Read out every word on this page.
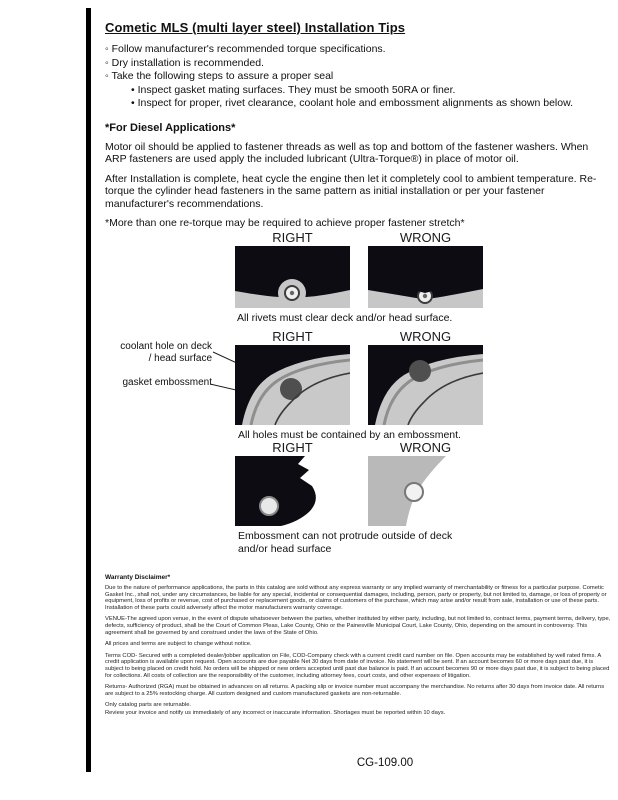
Cometic MLS (multi layer steel) Installation Tips
◦ Follow manufacturer's recommended torque specifications.
◦ Dry installation is recommended.
◦ Take the following steps to assure a proper seal
• Inspect gasket mating surfaces. They must be smooth 50RA or finer.
• Inspect for proper, rivet clearance, coolant hole and embossment alignments as shown below.
*For Diesel Applications*

Motor oil should be applied to fastener threads as well as top and bottom of the fastener washers. When ARP fasteners are used apply the included lubricant (Ultra-Torque®) in place of motor oil.

After Installation is complete, heat cycle the engine then let it completely cool to ambient temperature. Re-torque the cylinder head fasteners in the same pattern as initial installation or per your fastener manufacturer's recommendations.

*More than one re-torque may be required to achieve proper fastener stretch*

RIGHT	WRONG
All rivets must clear deck and/or head surface.
RIGHT	WRONG
coolant hole on deck / head surface
gasket embossment
All holes must be contained by an embossment.
RIGHT	WRONG
Embossment can not protrude outside of deck and/or head surface
Warranty Disclaimer*

Due to the nature of performance applications, the parts in this catalog are sold without any express warranty or any implied warranty of merchantability or fitness for a particular purpose. Cometic Gasket Inc., shall not, under any circumstances, be liable for any special, incidental or consequential damages, including, person, party or property, but not limited to, damage, or loss of property or equipment, loss of profits or revenue, cost of purchased or replacement goods, or claims of customers of the purchase, which may arise and/or result from sale, installation or use of these parts. Installation of these parts could adversely affect the motor manufacturers warranty coverage.

VENUE-The agreed upon venue, in the event of dispute whatsoever between the parties, whether instituted by either party, including, but not limited to, contract terms, payment terms, delivery, type, defects, sufficiency of product, shall be the Court of Common Pleas, Lake County, Ohio or the Painesville Municipal Court, Lake County, Ohio, depending on the amount in controversy. This agreement shall be governed by and construed under the laws of the State of Ohio.

All prices and terms are subject to change without notice.

Terms COD- Secured with a completed dealer/jobber application on File, COD-Company check with a current credit card number on file. Open accounts may be established by well rated firms. A credit application is available upon request. Open accounts are due payable Net 30 days from date of invoice. No statement will be sent. If an account becomes 60 or more days past due, it is subject to being placed on credit hold. No orders will be shipped or new orders accepted until past due balance is paid. If an account becomes 90 or more days past due, it is subject to being placed for collections. All costs of collection are the responsibility of the customer, including attorney fees, court costs, and other expenses of litigation.

Returns- Authorized (RGA) must be obtained in advances on all returns. A packing slip or invoice number must accompany the merchandise. No returns after 30 days from invoice date. All returns are subject to a 25% restocking charge. All custom designed and custom manufactured gaskets are non-returnable.

Only catalog parts are returnable.

Review your invoice and notify us immediately of any incorrect or inaccurate information. Shortages must be reported within 10 days.

CG-109.00
